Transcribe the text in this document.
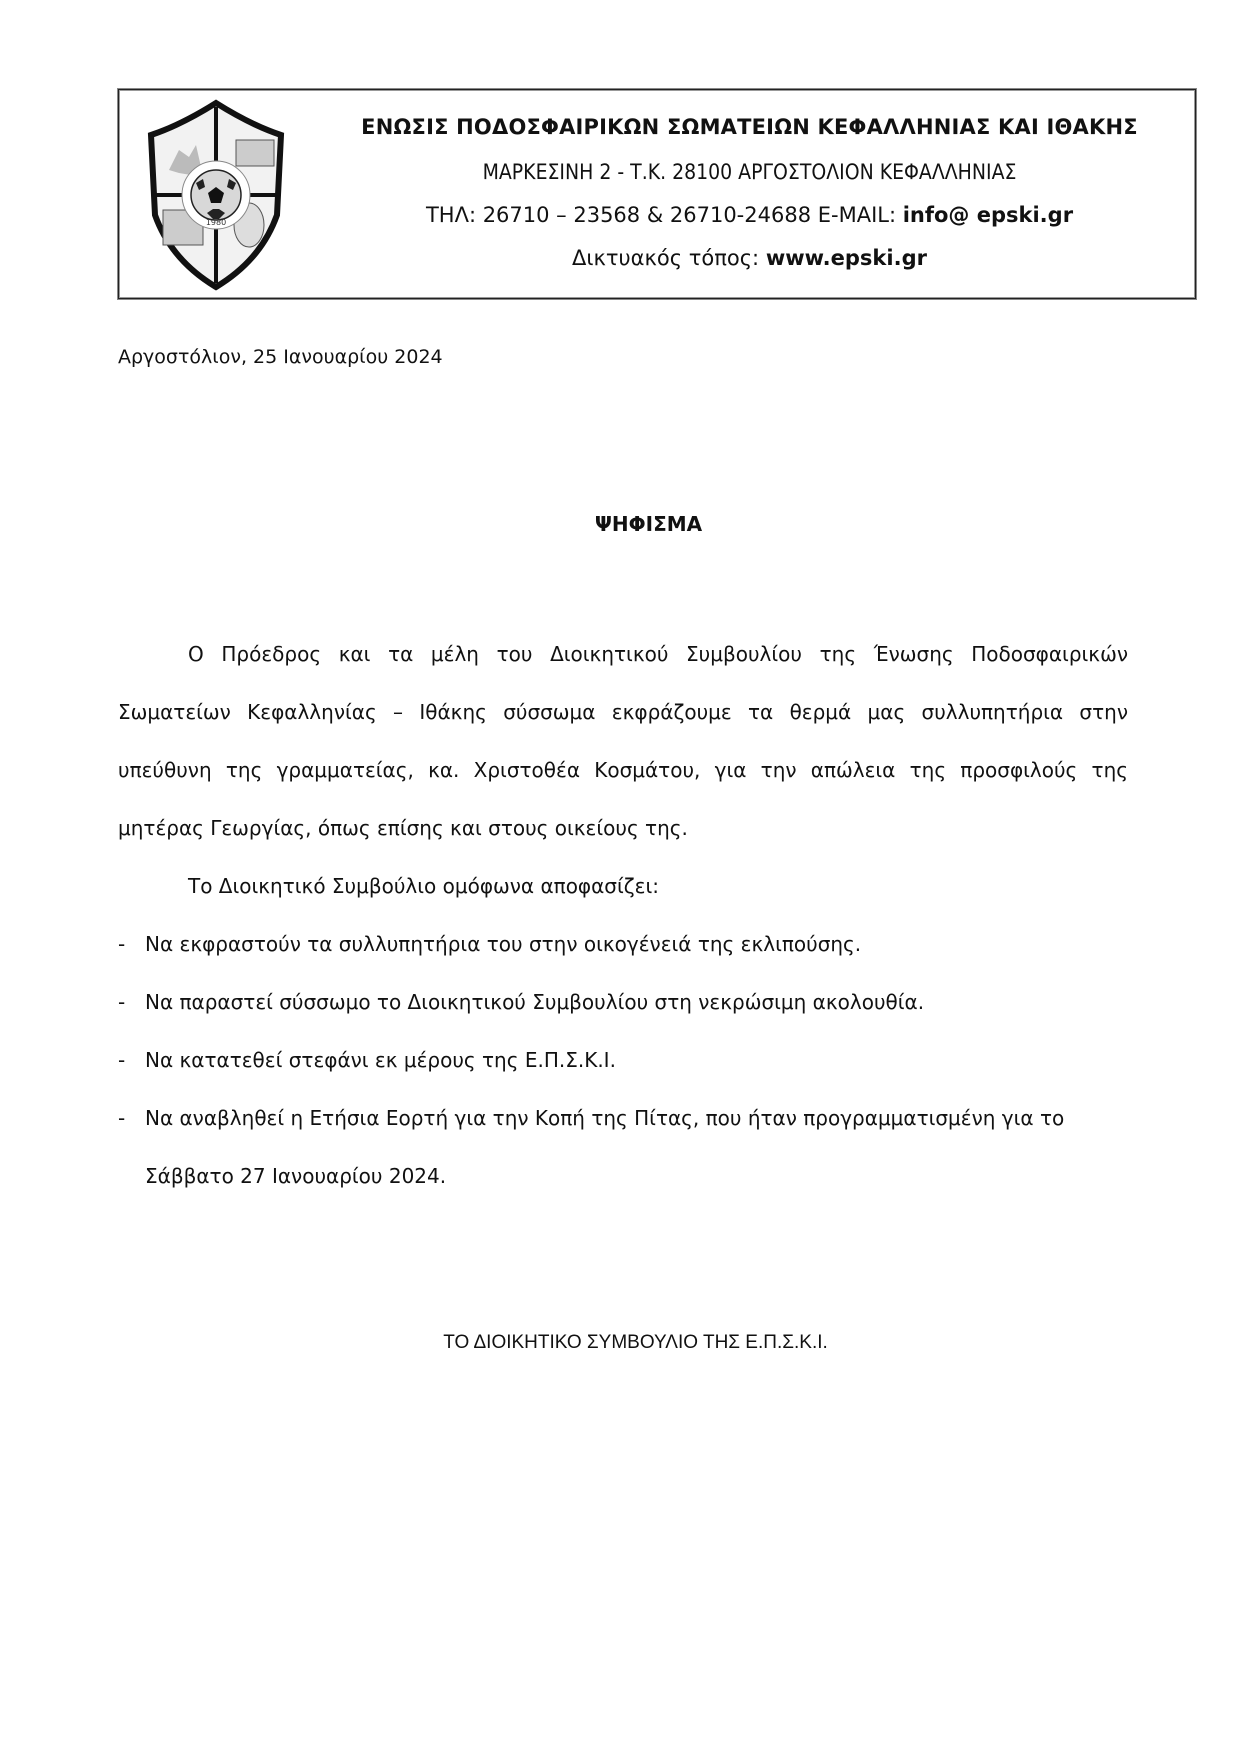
1980
ΕΝΩΣΙΣ ΠΟΔΟΣΦΑΙΡΙΚΩΝ ΣΩΜΑΤΕΙΩΝ ΚΕΦΑΛΛΗΝΙΑΣ ΚΑΙ ΙΘΑΚΗΣ
ΜΑΡΚΕΣΙΝΗ 2 - Τ.Κ. 28100 ΑΡΓΟΣΤΟΛΙΟΝ ΚΕΦΑΛΛΗΝΙΑΣ
ΤΗΛ: 26710 – 23568 & 26710-24688 E-MAIL: info@ epski.gr
Δικτυακός τόπος: www.epski.gr
Αργοστόλιον, 25 Ιανουαρίου 2024
ΨΗΦΙΣΜΑ
Ο Πρόεδρος και τα μέλη του Διοικητικού Συμβουλίου της Ένωσης Ποδοσφαιρικών Σωματείων Κεφαλληνίας – Ιθάκης σύσσωμα εκφράζουμε τα θερμά μας συλλυπητήρια στην υπεύθυνη της γραμματείας, κα. Χριστοθέα Κοσμάτου, για την απώλεια της προσφιλούς της μητέρας Γεωργίας, όπως επίσης και στους οικείους της.
Το Διοικητικό Συμβούλιο ομόφωνα αποφασίζει:
- Να εκφραστούν τα συλλυπητήρια του στην οικογένειά της εκλιπούσης.
- Να παραστεί σύσσωμο το Διοικητικού Συμβουλίου στη νεκρώσιμη ακολουθία.
- Να κατατεθεί στεφάνι εκ μέρους της Ε.Π.Σ.Κ.Ι.
- Να αναβληθεί η Ετήσια Εορτή για την Κοπή της Πίτας, που ήταν προγραμματισμένη για το Σάββατο 27 Ιανουαρίου 2024.
ΤΟ ΔΙΟΙΚΗΤΙΚΟ ΣΥΜΒΟΥΛΙΟ ΤΗΣ Ε.Π.Σ.Κ.Ι.
